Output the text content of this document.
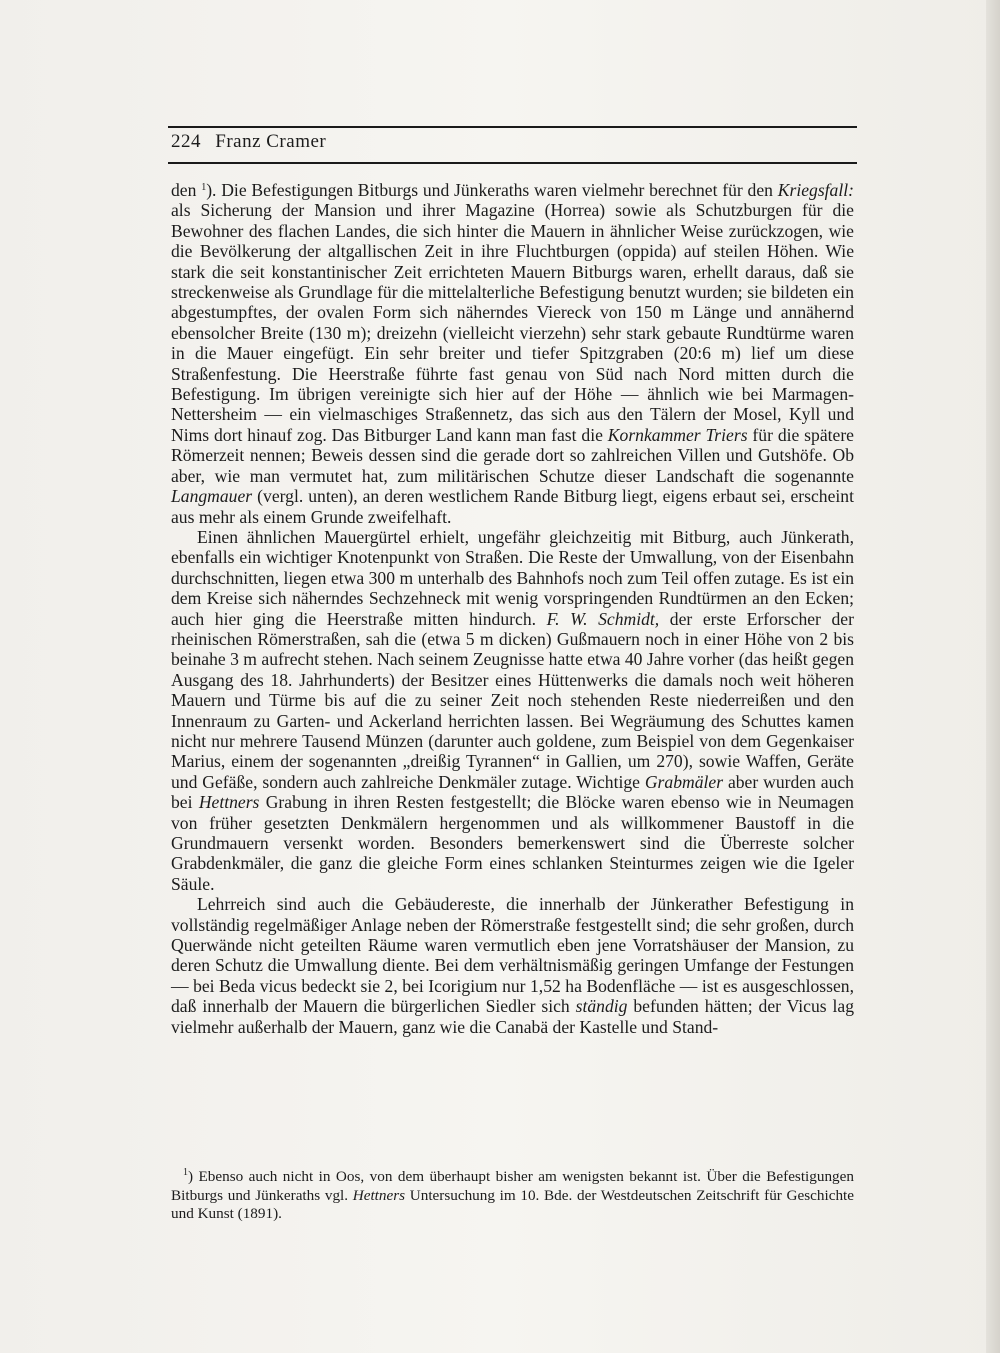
224 Franz Cramer

den $^1$). Die Befestigungen Bitburgs und Jünkeraths waren vielmehr berechnet für den Kriegsfall: als Sicherung der Mansion und ihrer Magazine (Horrea) sowie als Schutzburgen für die Bewohner des flachen Landes, die sich hinter die Mauern in ähnlicher Weise zurückzogen, wie die Bevölkerung der altgallischen Zeit in ihre Fluchtburgen (oppida) auf steilen Höhen. Wie stark die seit konstantinischer Zeit errichteten Mauern Bitburgs waren, erhellt daraus, daß sie streckenweise als Grundlage für die mittelalterliche Befestigung benutzt wurden; sie bildeten ein abgestumpftes, der ovalen Form sich näherndes Viereck von 150 m Länge und annähernd ebensolcher Breite (130 m); dreizehn (vielleicht vierzehn) sehr stark gebaute Rundtürme waren in die Mauer eingefügt. Ein sehr breiter und tiefer Spitzgraben (20:6 m) lief um diese Straßenfestung. Die Heerstraße führte fast genau von Süd nach Nord mitten durch die Befestigung. Im übrigen vereinigte sich hier auf der Höhe — ähnlich wie bei Marmagen-Nettersheim — ein vielmaschiges Straßennetz, das sich aus den Tälern der Mosel, Kyll und Nims dort hinauf zog. Das Bitburger Land kann man fast die Kornkammer Triers für die spätere Römerzeit nennen; Beweis dessen sind die gerade dort so zahlreichen Villen und Gutshöfe. Ob aber, wie man vermutet hat, zum militärischen Schutze dieser Landschaft die sogenannte Langmauer (vergl. unten), an deren westlichem Rande Bitburg liegt, eigens erbaut sei, erscheint aus mehr als einem Grunde zweifelhaft.

Einen ähnlichen Mauergürtel erhielt, ungefähr gleichzeitig mit Bitburg, auch Jünkerath, ebenfalls ein wichtiger Knotenpunkt von Straßen. Die Reste der Umwallung, von der Eisenbahn durchschnitten, liegen etwa 300 m unterhalb des Bahnhofs noch zum Teil offen zutage. Es ist ein dem Kreise sich näherndes Sechzehneck mit wenig vorspringenden Rundtürmen an den Ecken; auch hier ging die Heerstraße mitten hindurch. F. W. Schmidt, der erste Erforscher der rheinischen Römerstraßen, sah die (etwa 5 m dicken) Gußmauern noch in einer Höhe von 2 bis beinahe 3 m aufrecht stehen. Nach seinem Zeugnisse hatte etwa 40 Jahre vorher (das heißt gegen Ausgang des 18. Jahrhunderts) der Besitzer eines Hüttenwerks die damals noch weit höheren Mauern und Türme bis auf die zu seiner Zeit noch stehenden Reste niederreißen und den Innenraum zu Garten- und Ackerland herrichten lassen. Bei Wegräumung des Schuttes kamen nicht nur mehrere Tausend Münzen (darunter auch goldene, zum Beispiel von dem Gegenkaiser Marius, einem der sogenannten „dreißig Tyrannen“ in Gallien, um 270), sowie Waffen, Geräte und Gefäße, sondern auch zahlreiche Denkmäler zutage. Wichtige Grabmäler aber wurden auch bei Hettners Grabung in ihren Resten festgestellt; die Blöcke waren ebenso wie in Neumagen von früher gesetzten Denkmälern hergenommen und als willkommener Baustoff in die Grundmauern versenkt worden. Besonders bemerkenswert sind die Überreste solcher Grabdenkmäler, die ganz die gleiche Form eines schlanken Steinturmes zeigen wie die Igeler Säule.

Lehrreich sind auch die Gebäudereste, die innerhalb der Jünkerather Befestigung in vollständig regelmäßiger Anlage neben der Römerstraße festgestellt sind; die sehr großen, durch Querwände nicht geteilten Räume waren vermutlich eben jene Vorratshäuser der Mansion, zu deren Schutz die Umwallung diente. Bei dem verhältnismäßig geringen Umfange der Festungen — bei Beda vicus bedeckt sie 2, bei Icorigium nur 1,52 ha Bodenfläche — ist es ausgeschlossen, daß innerhalb der Mauern die bürgerlichen Siedler sich ständig befunden hätten; der Vicus lag vielmehr außerhalb der Mauern, ganz wie die Canabä der Kastelle und Stand-

$^1$) Ebenso auch nicht in Oos, von dem überhaupt bisher am wenigsten bekannt ist. Über die Befestigungen Bitburgs und Jünkeraths vgl. Hettners Untersuchung im 10. Bde. der Westdeutschen Zeitschrift für Geschichte und Kunst (1891).
